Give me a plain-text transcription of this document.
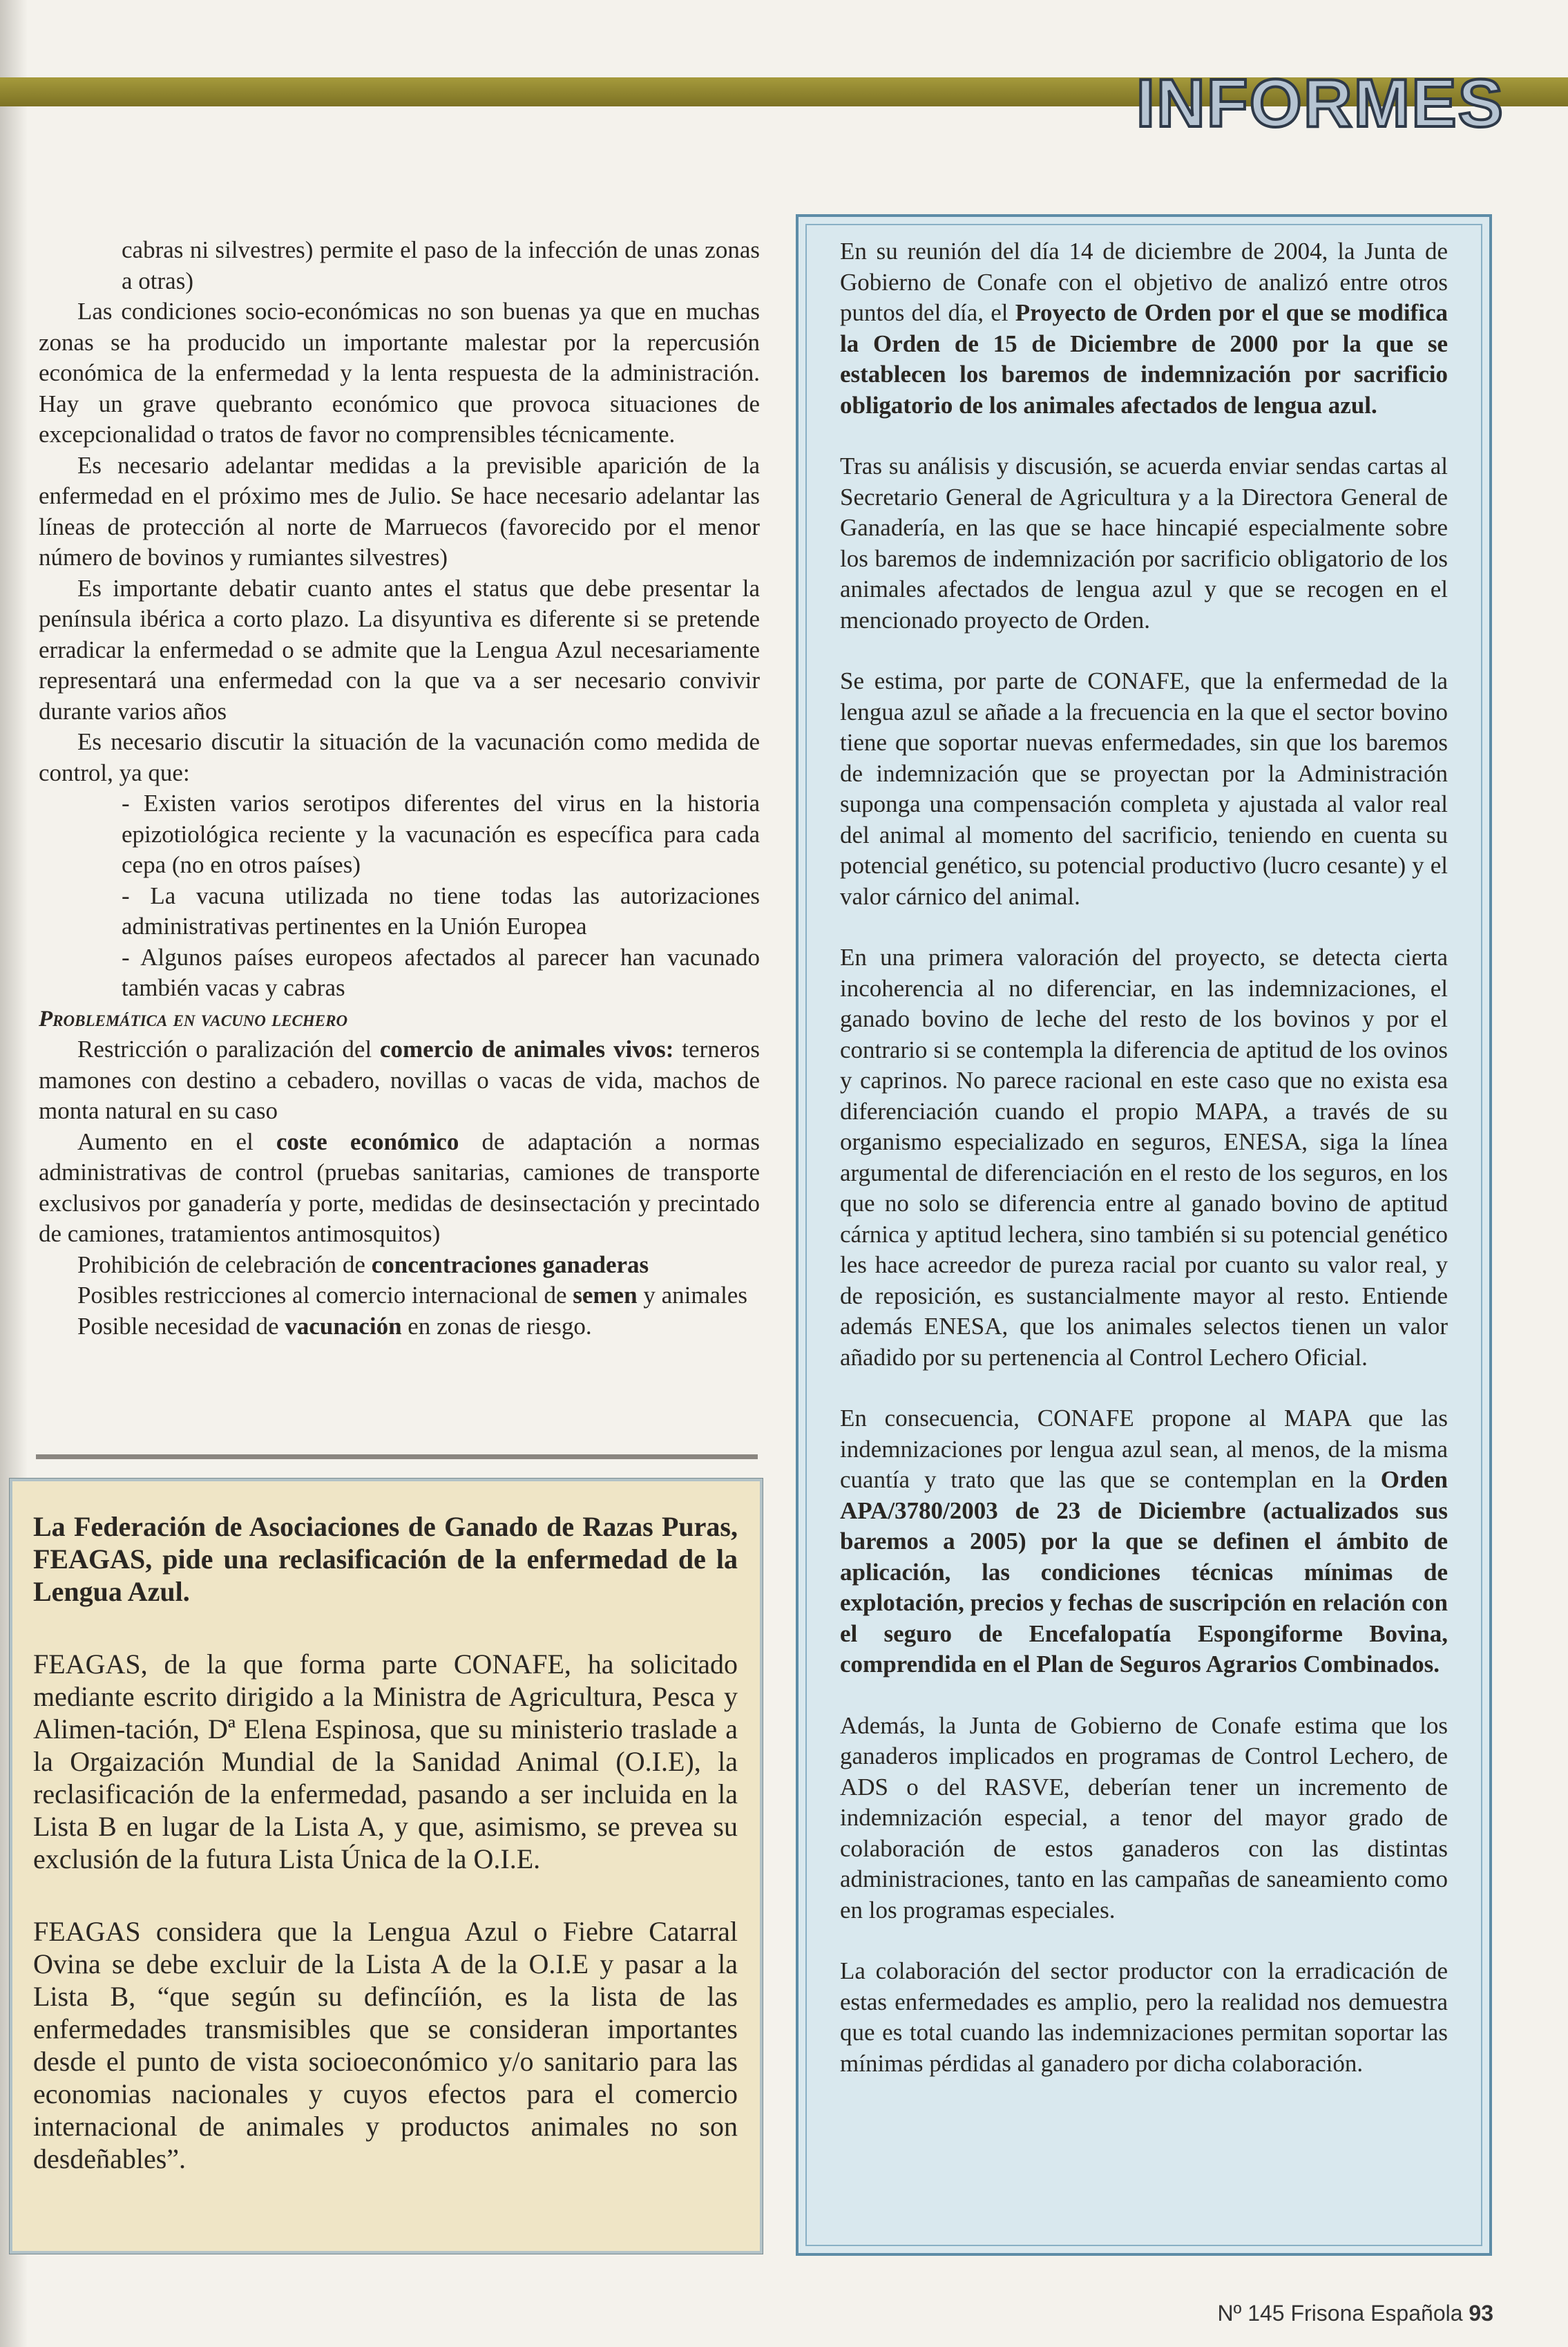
INFORMES

cabras ni silvestres) permite el paso de la infección de unas zonas a otras)

Las condiciones socio-económicas no son buenas ya que en muchas zonas se ha producido un importante malestar por la repercusión económica de la enfermedad y la lenta respuesta de la administración. Hay un grave quebranto económico que provoca situaciones de excepcionalidad o tratos de favor no comprensibles técnicamente.

Es necesario adelantar medidas a la previsible aparición de la enfermedad en el próximo mes de Julio. Se hace necesario adelantar las líneas de protección al norte de Marruecos (favorecido por el menor número de bovinos y rumiantes silvestres)

Es importante debatir cuanto antes el status que debe presentar la península ibérica a corto plazo. La disyuntiva es diferente si se pretende erradicar la enfermedad o se admite que la Lengua Azul necesariamente representará una enfermedad con la que va a ser necesario convivir durante varios años

Es necesario discutir la situación de la vacunación como medida de control, ya que:

- Existen varios serotipos diferentes del virus en la historia epizotiológica reciente y la vacunación es específica para cada cepa (no en otros países)

- La vacuna utilizada no tiene todas las autorizaciones administrativas pertinentes en la Unión Europea

- Algunos países europeos afectados al parecer han vacunado también vacas y cabras

Problemática en vacuno lechero

Restricción o paralización del comercio de animales vivos: terneros mamones con destino a cebadero, novillas o vacas de vida, machos de monta natural en su caso

Aumento en el coste económico de adaptación a normas administrativas de control (pruebas sanitarias, camiones de transporte exclusivos por ganadería y porte, medidas de desinsectación y precintado de camiones, tratamientos antimosquitos)

Prohibición de celebración de concentraciones ganaderas

Posibles restricciones al comercio internacional de semen y animales

Posible necesidad de vacunación en zonas de riesgo.

La Federación de Asociaciones de Ganado de Razas Puras, FEAGAS, pide una reclasificación de la enfermedad de la Lengua Azul.

FEAGAS, de la que forma parte CONAFE, ha solicitado mediante escrito dirigido a la Ministra de Agricultura, Pesca y Alimen-tación, Dª Elena Espinosa, que su ministerio traslade a la Orgaización Mundial de la Sanidad Animal (O.I.E), la reclasificación de la enfermedad, pasando a ser incluida en la Lista B en lugar de la Lista A, y que, asimismo, se prevea su exclusión de la futura Lista Única de la O.I.E.

FEAGAS considera que la Lengua Azul o Fiebre Catarral Ovina se debe excluir de la Lista A de la O.I.E y pasar a la Lista B, “que según su defincíión, es la lista de las enfermedades transmisibles que se consideran importantes desde el punto de vista socioeconómico y/o sanitario para las economias nacionales y cuyos efectos para el comercio internacional de animales y productos animales no son desdeñables”.

En su reunión del día 14 de diciembre de 2004, la Junta de Gobierno de Conafe con el objetivo de analizó entre otros puntos del día, el Proyecto de Orden por el que se modifica la Orden de 15 de Diciembre de 2000 por la que se establecen los baremos de indemnización por sacrificio obligatorio de los animales afectados de lengua azul.

Tras su análisis y discusión, se acuerda enviar sendas cartas al Secretario General de Agricultura y a la Directora General de Ganadería, en las que se hace hincapié especialmente sobre los baremos de indemnización por sacrificio obligatorio de los animales afectados de lengua azul y que se recogen en el mencionado proyecto de Orden.

Se estima, por parte de CONAFE, que la enfermedad de la lengua azul se añade a la frecuencia en la que el sector bovino tiene que soportar nuevas enfermedades, sin que los baremos de indemnización que se proyectan por la Administración suponga una compensación completa y ajustada al valor real del animal al momento del sacrificio, teniendo en cuenta su potencial genético, su potencial productivo (lucro cesante) y el valor cárnico del animal.

En una primera valoración del proyecto, se detecta cierta incoherencia al no diferenciar, en las indemnizaciones, el ganado bovino de leche del resto de los bovinos y por el contrario si se contempla la diferencia de aptitud de los ovinos y caprinos. No parece racional en este caso que no exista esa diferenciación cuando el propio MAPA, a través de su organismo especializado en seguros, ENESA, siga la línea argumental de diferenciación en el resto de los seguros, en los que no solo se diferencia entre al ganado bovino de aptitud cárnica y aptitud lechera, sino también si su potencial genético les hace acreedor de pureza racial por cuanto su valor real, y de reposición, es sustancialmente mayor al resto. Entiende además ENESA, que los animales selectos tienen un valor añadido por su pertenencia al Control Lechero Oficial.

En consecuencia, CONAFE propone al MAPA que las indemnizaciones por lengua azul sean, al menos, de la misma cuantía y trato que las que se contemplan en la Orden APA/3780/2003 de 23 de Diciembre (actualizados sus baremos a 2005) por la que se definen el ámbito de aplicación, las condiciones técnicas mínimas de explotación, precios y fechas de suscripción en relación con el seguro de Encefalopatía Espongiforme Bovina, comprendida en el Plan de Seguros Agrarios Combinados.

Además, la Junta de Gobierno de Conafe estima que los ganaderos implicados en programas de Control Lechero, de ADS o del RASVE, deberían tener un incremento de indemnización especial, a tenor del mayor grado de colaboración de estos ganaderos con las distintas administraciones, tanto en las campañas de saneamiento como en los programas especiales.

La colaboración del sector productor con la erradicación de estas enfermedades es amplio, pero la realidad nos demuestra que es total cuando las indemnizaciones permitan soportar las mínimas pérdidas al ganadero por dicha colaboración.

Nº 145 Frisona Española 93
